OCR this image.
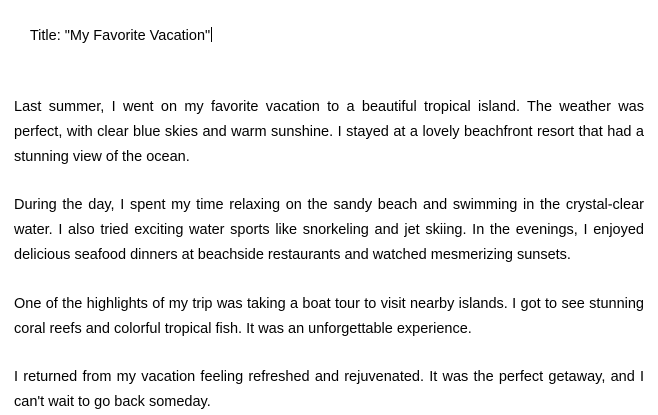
Title: "My Favorite Vacation"

Last summer, I went on my favorite vacation to a beautiful tropical island. The weather was perfect, with clear blue skies and warm sunshine. I stayed at a lovely beachfront resort that had a stunning view of the ocean.

During the day, I spent my time relaxing on the sandy beach and swimming in the crystal-clear water. I also tried exciting water sports like snorkeling and jet skiing. In the evenings, I enjoyed delicious seafood dinners at beachside restaurants and watched mesmerizing sunsets.

One of the highlights of my trip was taking a boat tour to visit nearby islands. I got to see stunning coral reefs and colorful tropical fish. It was an unforgettable experience.

I returned from my vacation feeling refreshed and rejuvenated. It was the perfect getaway, and I can't wait to go back someday.
